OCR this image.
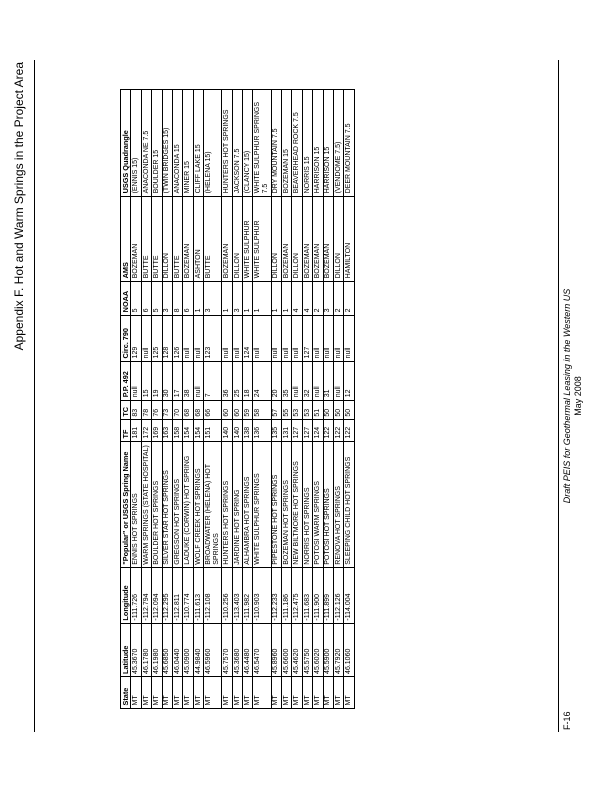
Appendix F. Hot and Warm Springs in the Project Area
State	Latitude	Longitude	"Popular" or USGS Spring Name	TF	TC	P.P. 492	Circ. 790	NOAA	AMS	USGS Quadrangle
MT	45.3670	-111.726	ENNIS HOT SPRINGS	181	83	null	129	5	BOZEMAN	(ENNIS 15)
MT	46.1780	-112.794	WARM SPRINGS (STATE HOSPITAL)	172	78	15	null	6	BUTTE	ANACONDA NE 7.5
MT	46.1980	-112.094	BOULDER HOT SPRINGS	169	76	19	125	5	BUTTE	BOULDER 15
MT	45.6850	-112.295	SILVER STAR HOT SPRINGS	163	73	30	128	3	DILLON	(TWIN BRIDGES 15)
MT	46.0440	-112.811	GREGSON HOT SPRINGS	158	70	17	126	8	BUTTE	ANACONDA 15
MT	45.0900	-110.774	LADUKE (CORWIN) HOT SPRING	154	68	38	null	6	BOZEMAN	MINER 15
MT	44.9840	-111.613	WOLF CREEK HOT SPRINGS	154	68	null	null	1	ASHTON	CLIFF LAKE 15
MT	46.5960	-112.108	BROADWATER (HELENA) HOT SPRINGS	151	66	7	123	3	BUTTE	(HELENA 15)
MT	45.7570	-110.256	HUNTERS HOT SPRINGS	140	60	36	null	1	BOZEMAN	HUNTERS HOT SPRINGS
MT	45.3680	-113.403	JARDINE HOT SPRING	140	60	25	null	3	DILLON	JACKSON 7.5
MT	46.4480	-111.982	ALHAMBRA HOT SPRINGS	138	59	18	124	1	WHITE SULPHUR	(CLANCY 15)
MT	46.5470	-110.903	WHITE SULPHUR SPRINGS	136	58	24	null	1	WHITE SULPHUR	WHITE SULPHUR SPRINGS 7.5
MT	45.8960	-112.233	PIPESTONE HOT SPRINGS	135	57	20	null	1	DILLON	DRY MOUNTAIN 7.5
MT	45.6600	-111.186	BOZEMAN HOT SPRINGS	131	55	35	null	1	BOZEMAN	BOZEMAN 15
MT	45.4620	-112.475	NEW BILTMORE HOT SPRINGS	127	53	null	null	4	DILLON	BEAVERHEAD ROCK 7.5
MT	45.5750	-111.683	NORRIS HOT SPRINGS	127	53	32	127	4	BOZEMAN	NORRIS 15
MT	45.6020	-111.900	POTOSI WARM SPRINGS	124	51	null	null	2	BOZEMAN	HARRISON 15
MT	45.5900	-111.899	POTOSI HOT SPRINGS	122	50	31	null	3	BOZEMAN	HARRISON 15
MT	45.7920	-112.126	RENOVA HOT SPRINGS	122	50	null	null	2	DILLON	(VENDOME 7.5)
MT	46.1060	-114.004	SLEEPING CHILD HOT SPRINGS	122	50	12	null	2	HAMILTON	DEER MOUNTAIN 7.5
F-16
Draft PEIS for Geothermal Leasing in the Western US May 2008
